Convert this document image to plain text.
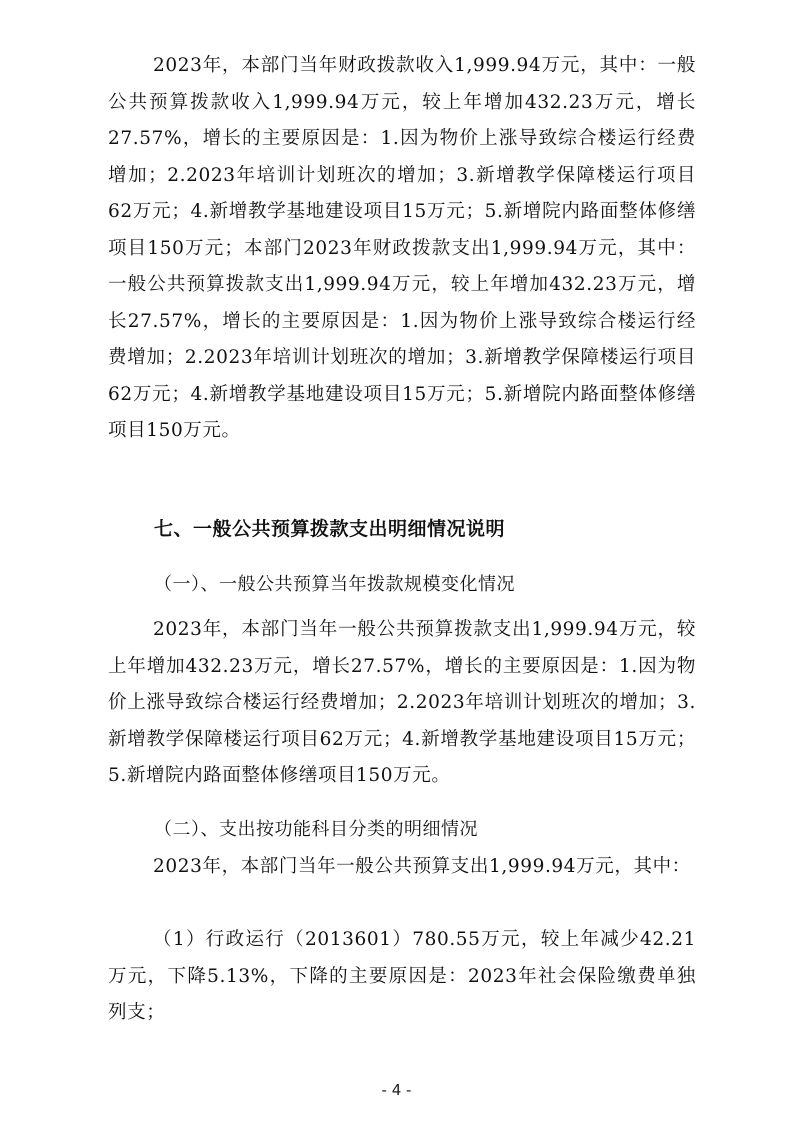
2023年，本部门当年财政拨款收入1,999.94万元，其中：一般公共预算拨款收入1,999.94万元，较上年增加432.23万元，增长27.57%，增长的主要原因是：1.因为物价上涨导致综合楼运行经费增加；2.2023年培训计划班次的增加；3.新增教学保障楼运行项目62万元；4.新增教学基地建设项目15万元；5.新增院内路面整体修缮项目150万元；本部门2023年财政拨款支出1,999.94万元，其中：一般公共预算拨款支出1,999.94万元，较上年增加432.23万元，增长27.57%，增长的主要原因是：1.因为物价上涨导致综合楼运行经费增加；2.2023年培训计划班次的增加；3.新增教学保障楼运行项目62万元；4.新增教学基地建设项目15万元；5.新增院内路面整体修缮项目150万元。

七、一般公共预算拨款支出明细情况说明

（一）、一般公共预算当年拨款规模变化情况

2023年，本部门当年一般公共预算拨款支出1,999.94万元，较上年增加432.23万元，增长27.57%，增长的主要原因是：1.因为物价上涨导致综合楼运行经费增加；2.2023年培训计划班次的增加；3.新增教学保障楼运行项目62万元；4.新增教学基地建设项目15万元；5.新增院内路面整体修缮项目150万元。

（二）、支出按功能科目分类的明细情况

2023年，本部门当年一般公共预算支出1,999.94万元，其中：

（1）行政运行（2013601）780.55万元，较上年减少42.21万元，下降5.13%，下降的主要原因是：2023年社会保险缴费单独列支；

- 4 -
